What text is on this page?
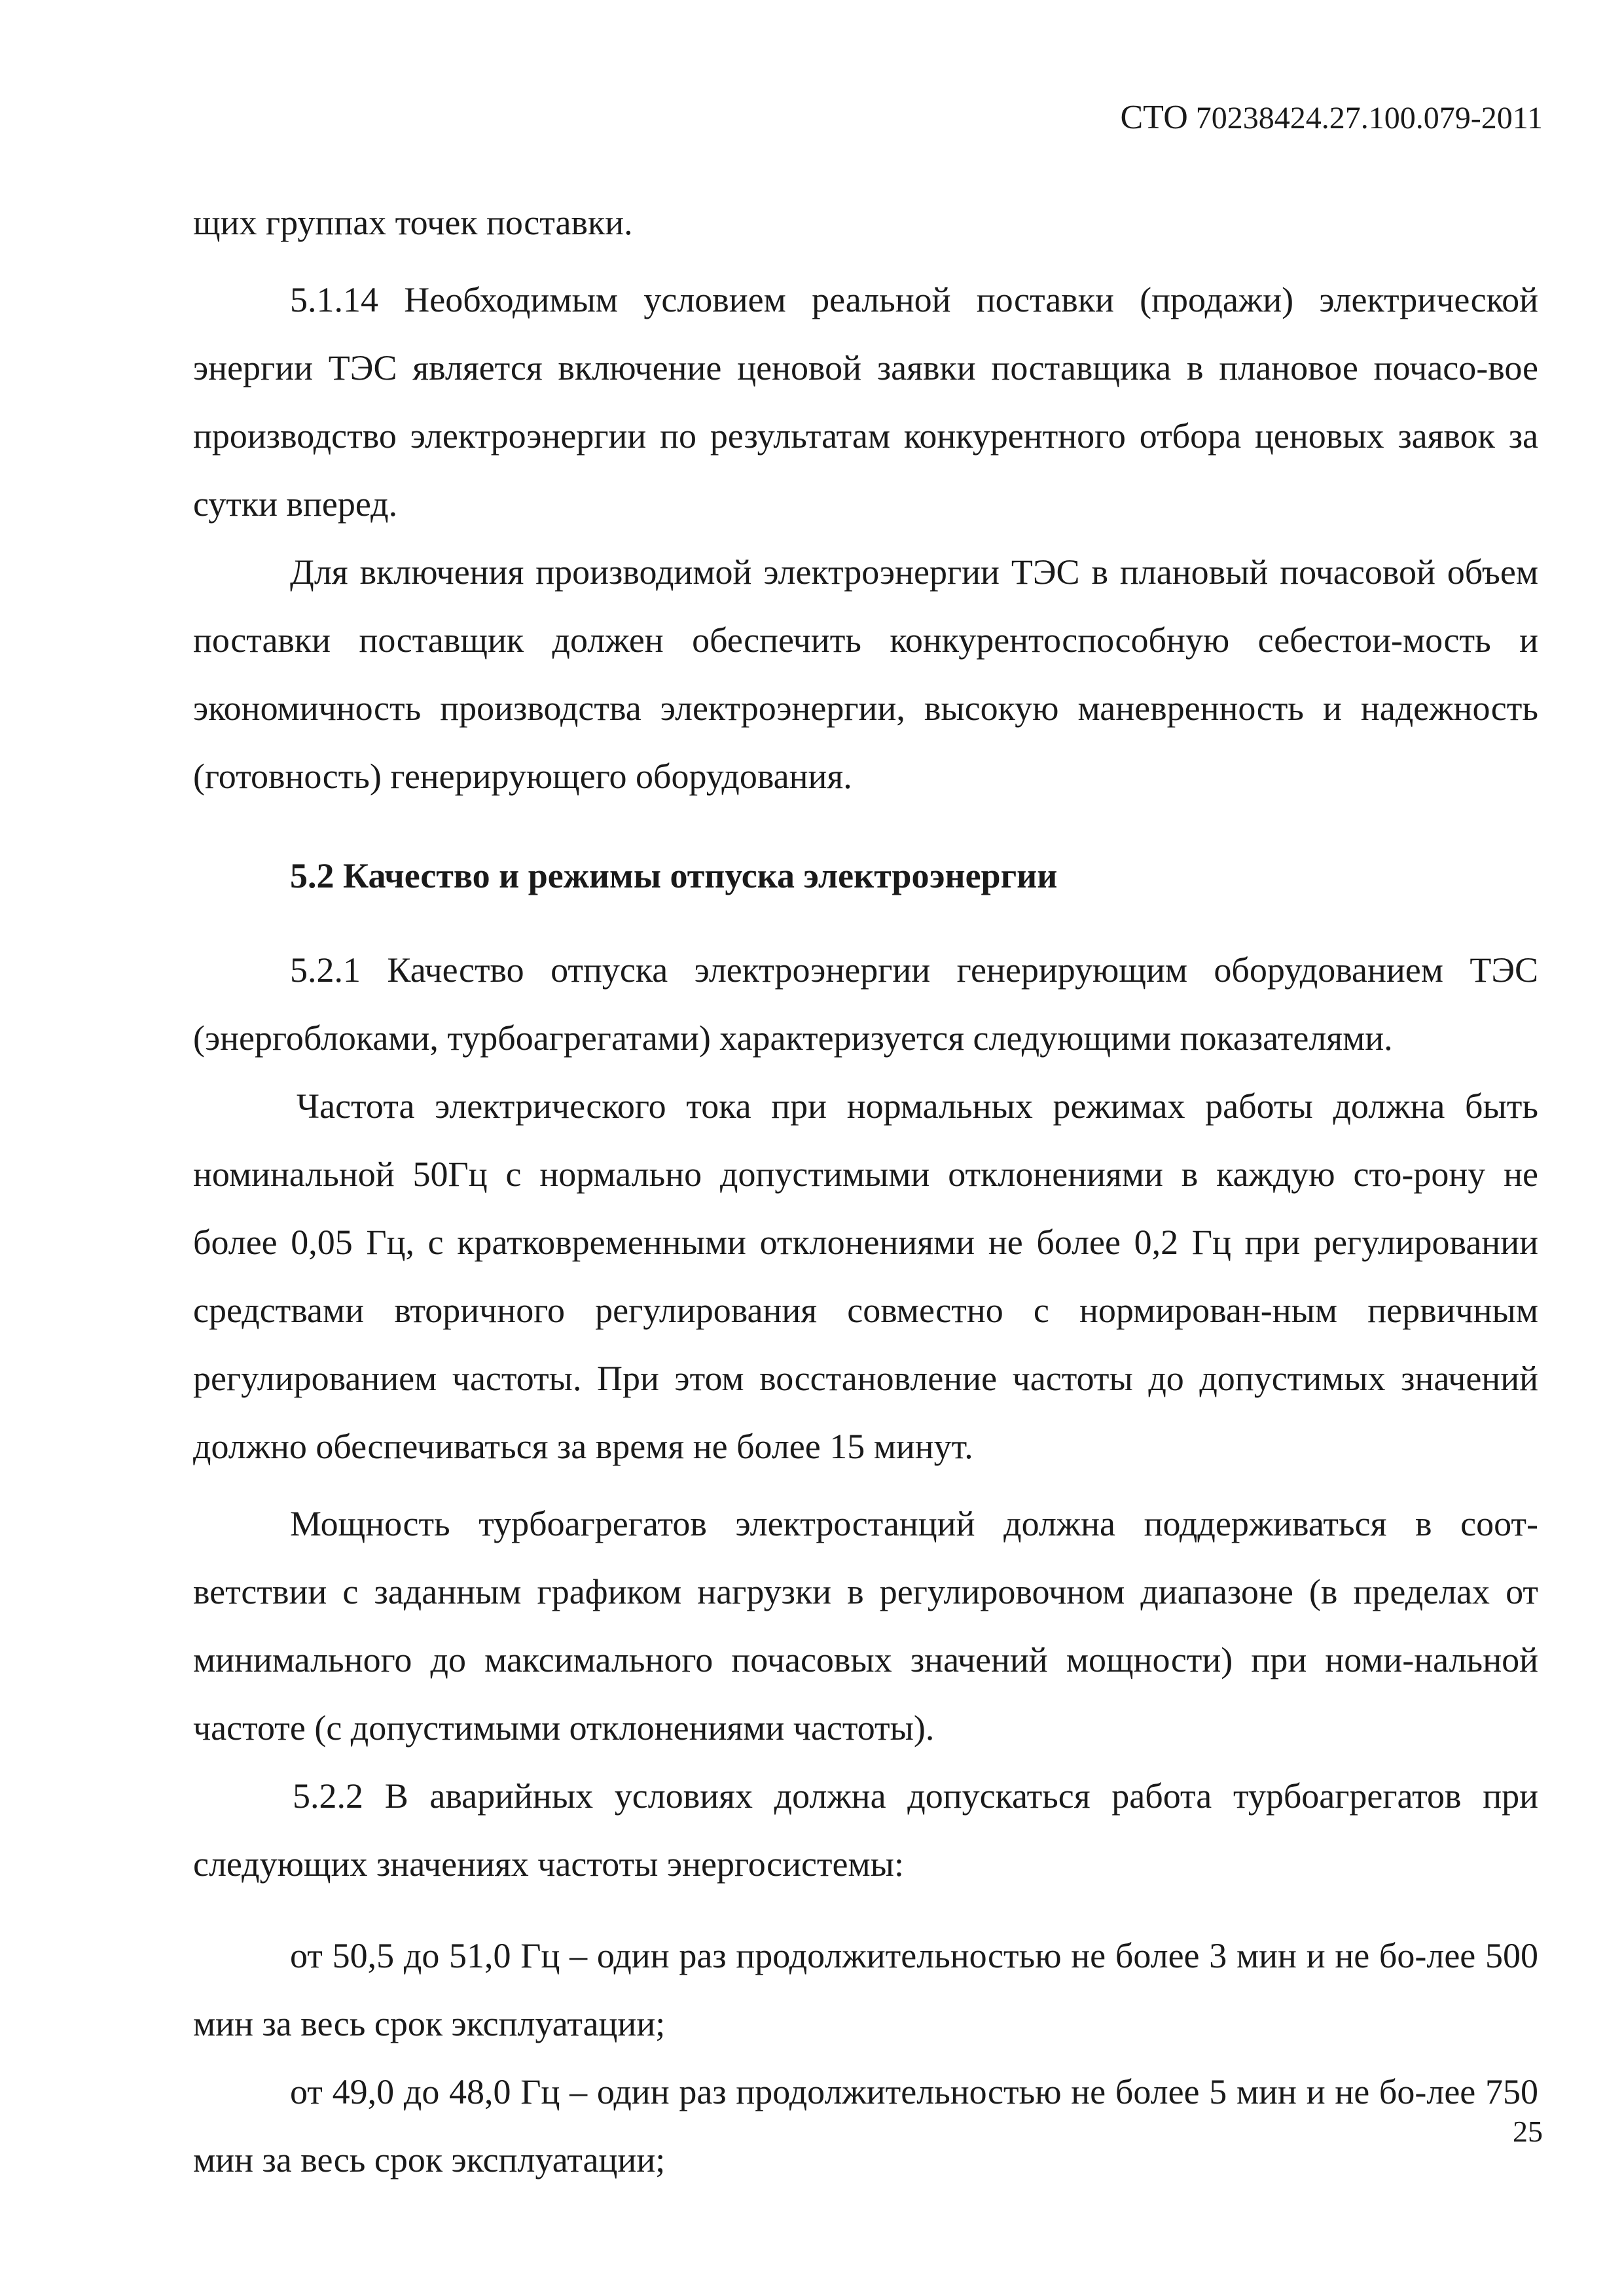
СТО 70238424.27.100.079-2011

щих группах точек поставки.

5.1.14 Необходимым условием реальной поставки (продажи) электрической энергии ТЭС является включение ценовой заявки поставщика в плановое почасо-вое производство электроэнергии по результатам конкурентного отбора ценовых заявок за сутки вперед.

Для включения производимой электроэнергии ТЭС в плановый почасовой объем поставки поставщик должен обеспечить конкурентоспособную себестои-мость и экономичность производства электроэнергии, высокую маневренность и надежность (готовность) генерирующего оборудования.

5.2 Качество и режимы отпуска электроэнергии

5.2.1 Качество отпуска электроэнергии генерирующим оборудованием ТЭС (энергоблоками, турбоагрегатами) характеризуется следующими показателями.

Частота электрического тока при нормальных режимах работы должна быть номинальной 50Гц с нормально допустимыми отклонениями в каждую сто-рону не более 0,05 Гц, с кратковременными отклонениями не более 0,2 Гц при регулировании средствами вторичного регулирования совместно с нормирован-ным первичным регулированием частоты. При этом восстановление частоты до допустимых значений должно обеспечиваться за время не более 15 минут.

Мощность турбоагрегатов электростанций должна поддерживаться в соот-ветствии с заданным графиком нагрузки в регулировочном диапазоне (в пределах от минимального до максимального почасовых значений мощности) при номи-нальной частоте (с допустимыми отклонениями частоты).

5.2.2 В аварийных условиях должна допускаться работа турбоагрегатов при следующих значениях частоты энергосистемы:

от 50,5 до 51,0 Гц – один раз продолжительностью не более 3 мин и не бо-лее 500 мин за весь срок эксплуатации;

от 49,0 до 48,0 Гц – один раз продолжительностью не более 5 мин и не бо-лее 750 мин за весь срок эксплуатации;

25
